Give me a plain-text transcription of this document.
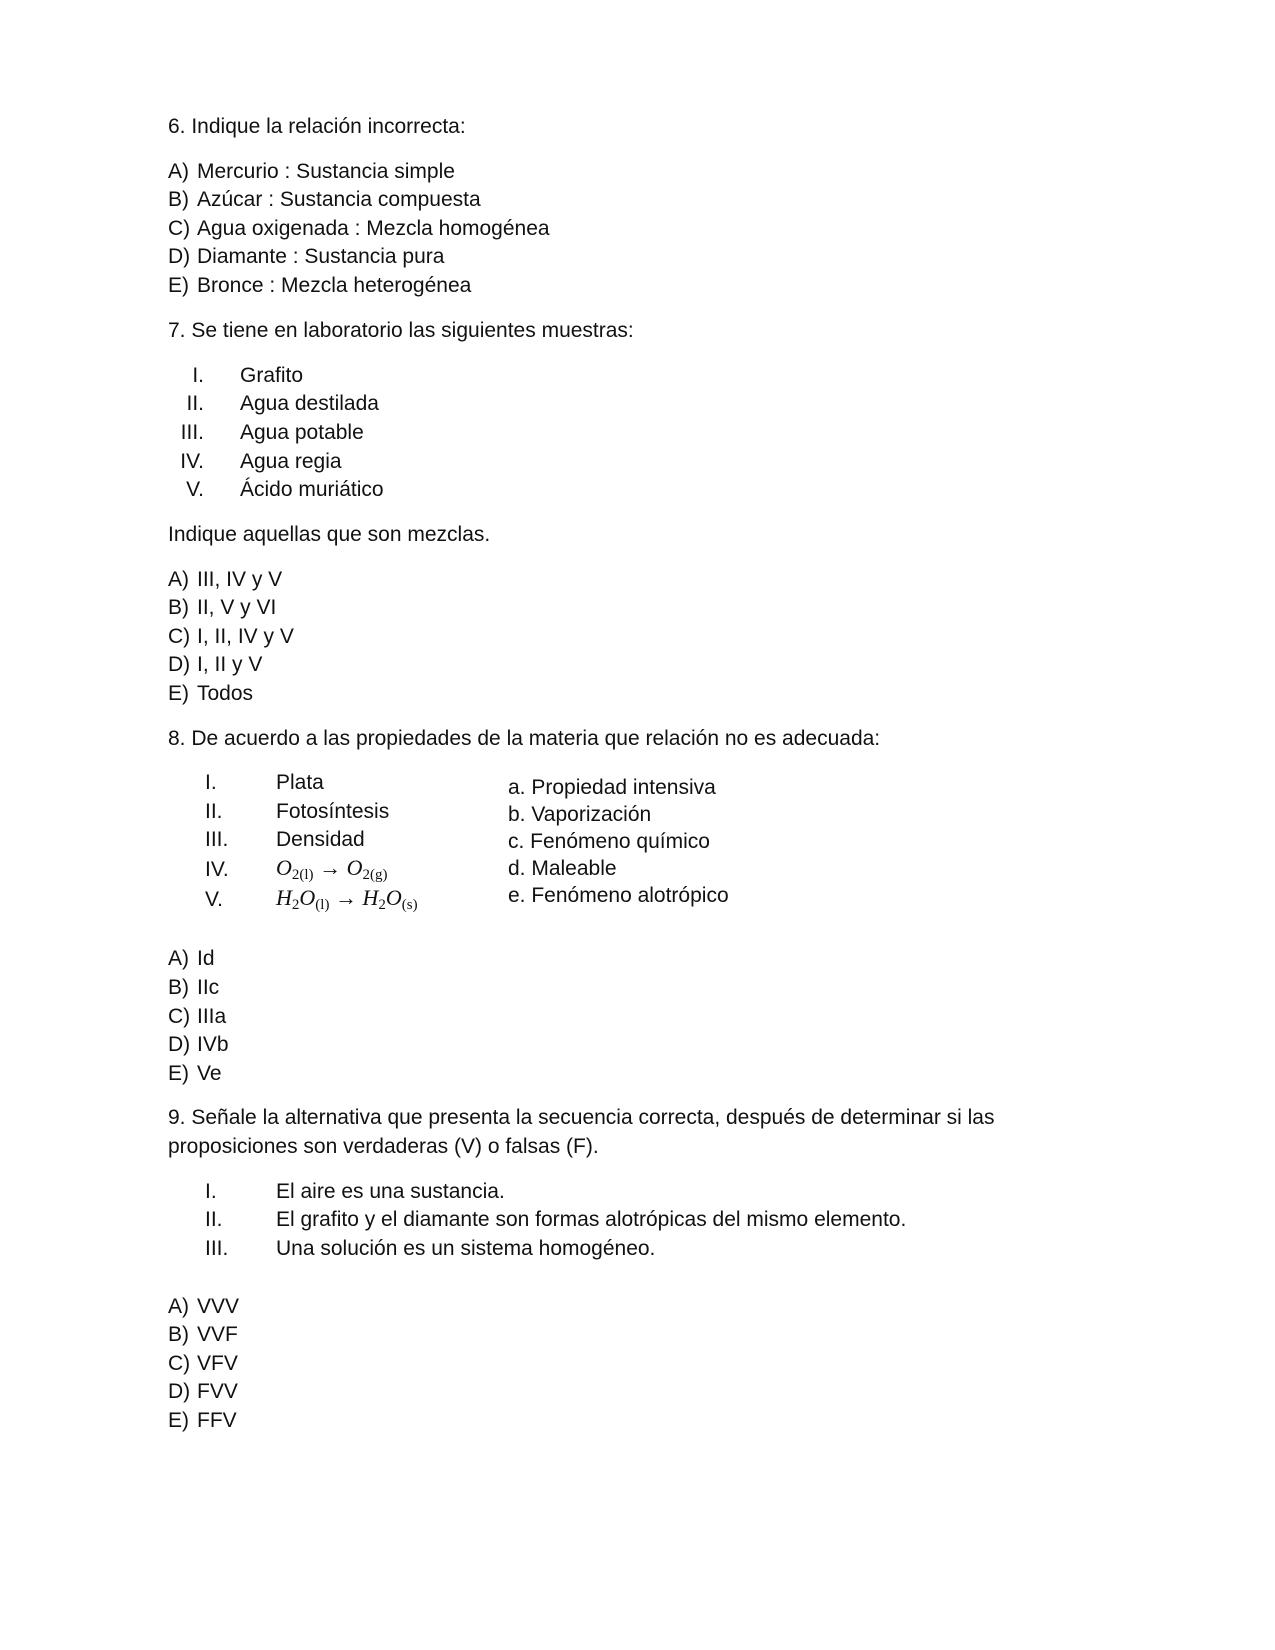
6. Indique la relación incorrecta:
A) Mercurio : Sustancia simple
B) Azúcar : Sustancia compuesta
C) Agua oxigenada : Mezcla homogénea
D) Diamante : Sustancia pura
E) Bronce : Mezcla heterogénea
7. Se tiene en laboratorio las siguientes muestras:
I. Grafito
II. Agua destilada
III. Agua potable
IV. Agua regia
V. Ácido muriático
Indique aquellas que son mezclas.
A) III, IV y V
B) II, V y VI
C) I, II, IV y V
D) I, II y V
E) Todos
8. De acuerdo a las propiedades de la materia que relación no es adecuada:
I.	Plata
II.	Fotosíntesis
III. Densidad
IV. $O_{2(l)} \to O_{2(g)}$
V. $H_2O_{(l)} \to H_2O_{(s)}$
a. Propiedad intensiva
b. Vaporización
c. Fenómeno químico
d. Maleable
e. Fenómeno alotrópico
A) Id
B) IIc
C) IIIa
D) IVb
E) Ve
9. Señale la alternativa que presenta la secuencia correcta, después de determinar si las
proposiciones son verdaderas (V) o falsas (F).
I.	El aire es una sustancia.
II.	El grafito y el diamante son formas alotrópicas del mismo elemento.
III. Una solución es un sistema homogéneo.
A) VVV
B) VVF
C) VFV
D) FVV
E) FFV
